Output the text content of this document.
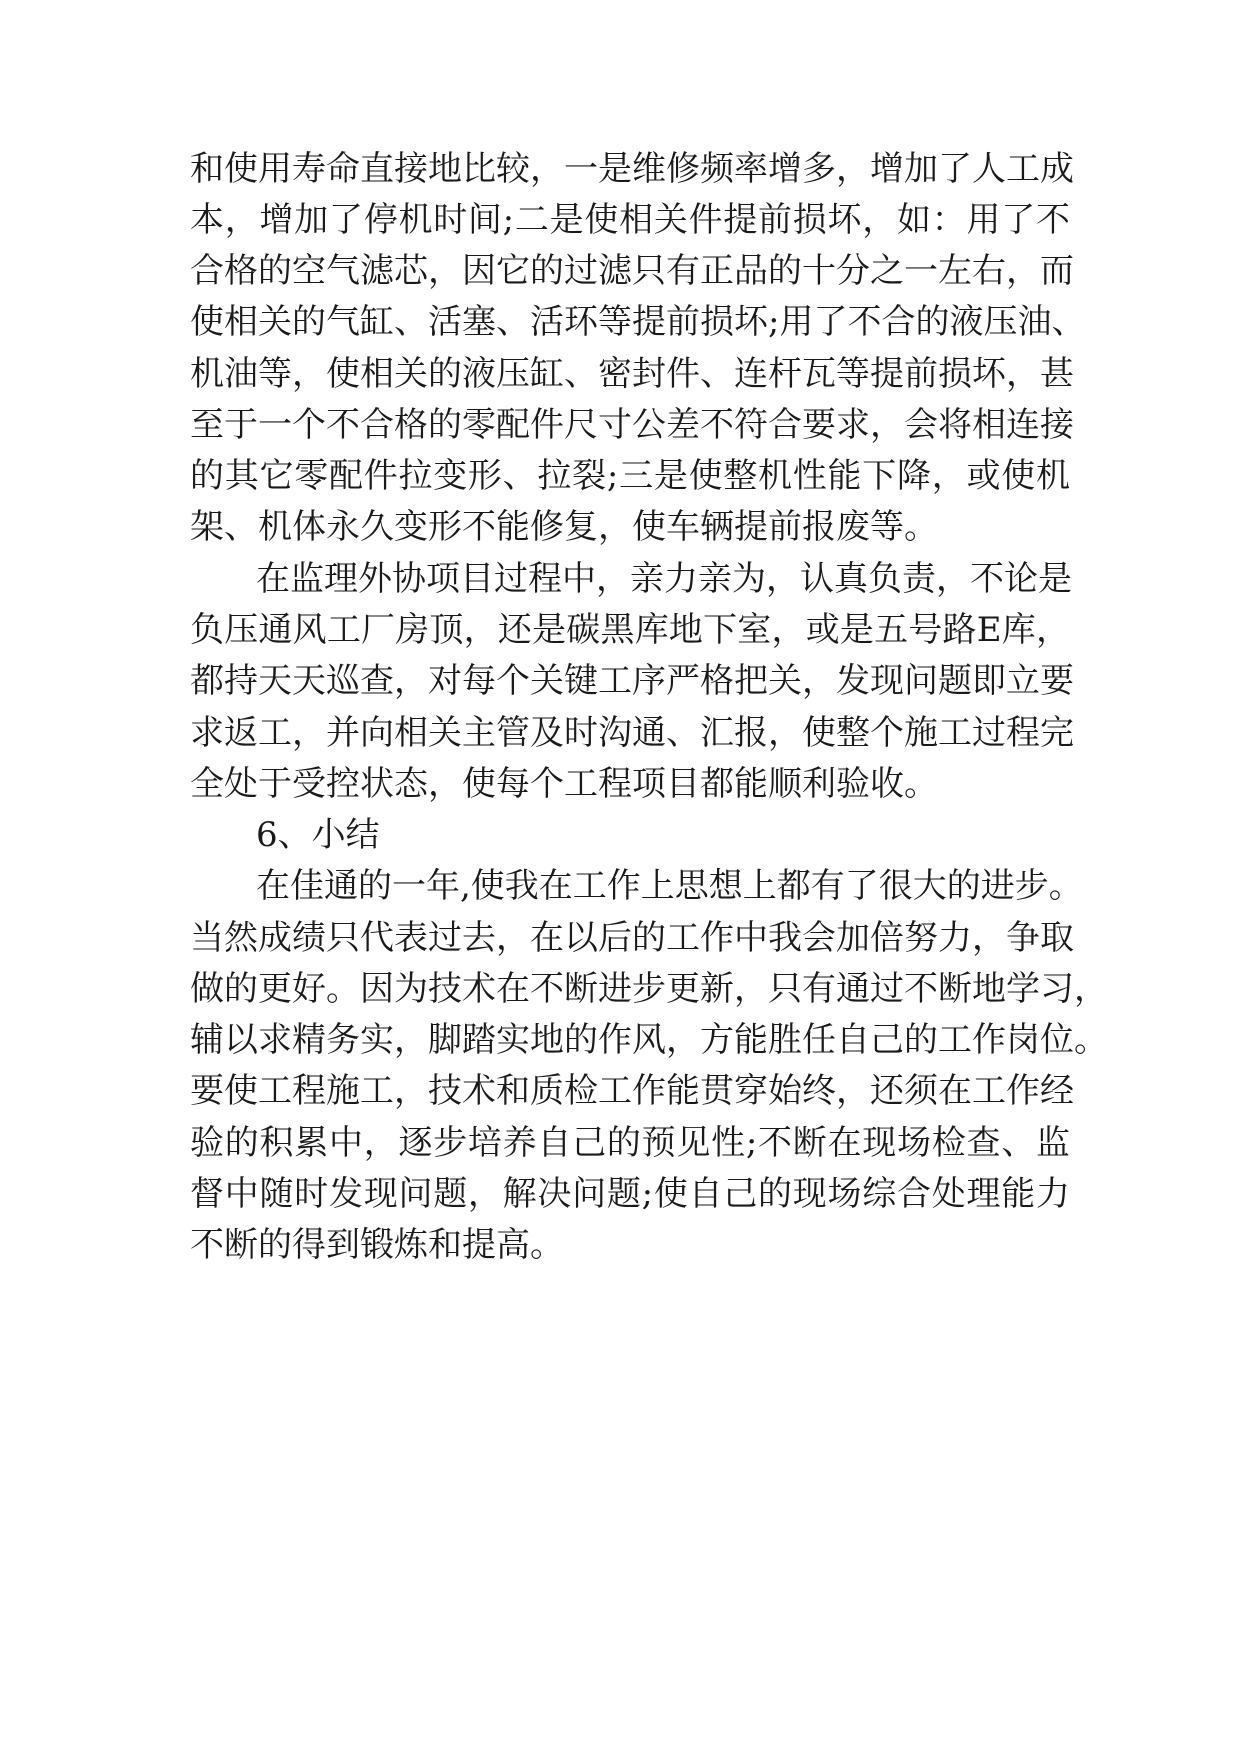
和使用寿命直接地比较，一是维修频率增多，增加了人工成
本，增加了停机时间;二是使相关件提前损坏，如：用了不
合格的空气滤芯，因它的过滤只有正品的十分之一左右，而
使相关的气缸、活塞、活环等提前损坏;用了不合的液压油、
机油等，使相关的液压缸、密封件、连杆瓦等提前损坏，甚
至于一个不合格的零配件尺寸公差不符合要求，会将相连接
的其它零配件拉变形、拉裂;三是使整机性能下降，或使机
架、机体永久变形不能修复，使车辆提前报废等。
在监理外协项目过程中，亲力亲为，认真负责，不论是
负压通风工厂房顶，还是碳黑库地下室，或是五号路E库，
都持天天巡查，对每个关键工序严格把关，发现问题即立要
求返工，并向相关主管及时沟通、汇报，使整个施工过程完
全处于受控状态，使每个工程项目都能顺利验收。
6、小结
在佳通的一年,使我在工作上思想上都有了很大的进步。
当然成绩只代表过去，在以后的工作中我会加倍努力，争取
做的更好。因为技术在不断进步更新，只有通过不断地学习，
辅以求精务实，脚踏实地的作风，方能胜任自己的工作岗位。
要使工程施工，技术和质检工作能贯穿始终，还须在工作经
验的积累中，逐步培养自己的预见性;不断在现场检查、监
督中随时发现问题，解决问题;使自己的现场综合处理能力
不断的得到锻炼和提高。
